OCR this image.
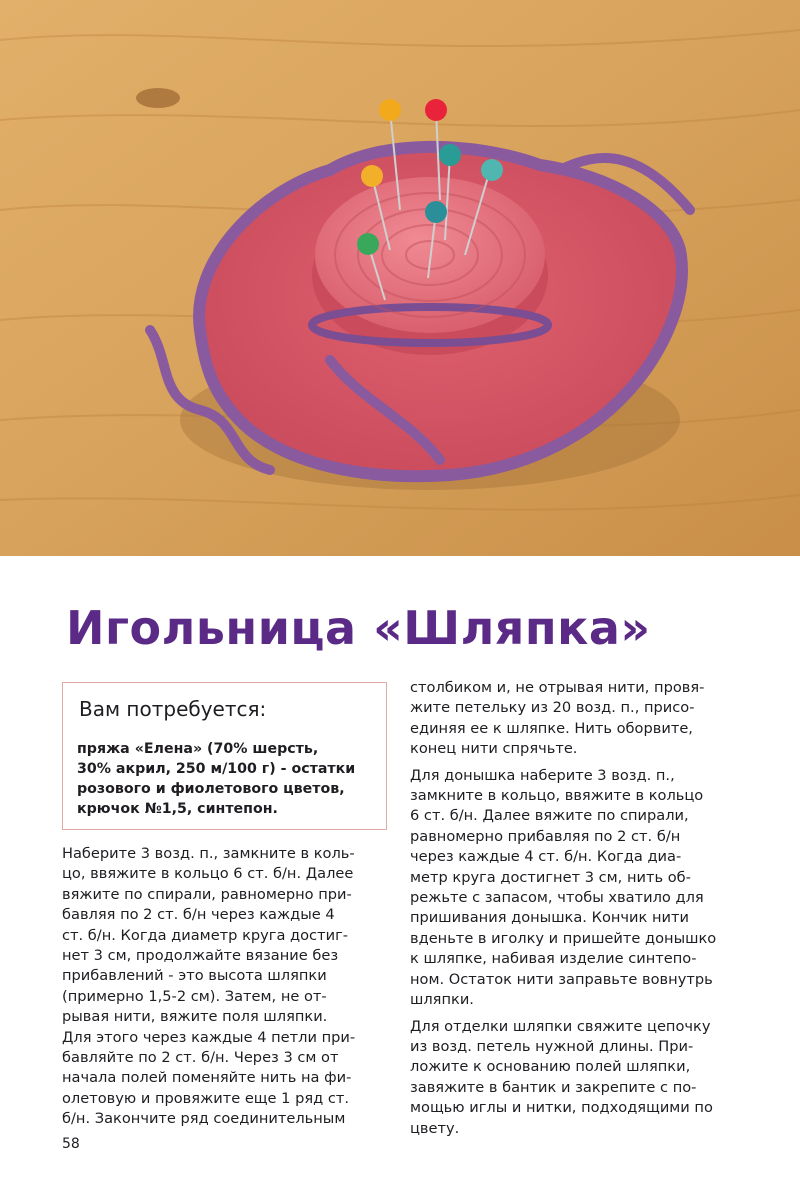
Игольница «Шляпка»
Вам потребуется:

пряжа «Елена» (70% шерсть,
30% акрил, 250 м/100 г) - остатки
розового и фиолетового цветов,
крючок №1,5, синтепон.

Наберите 3 возд. п., замкните в коль-
цо, ввяжите в кольцо 6 ст. б/н. Далее
вяжите по спирали, равномерно при-
бавляя по 2 ст. б/н через каждые 4
ст. б/н. Когда диаметр круга достиг-
нет 3 см, продолжайте вязание без
прибавлений - это высота шляпки
(примерно 1,5-2 см). Затем, не от-
рывая нити, вяжите поля шляпки.
Для этого через каждые 4 петли при-
бавляйте по 2 ст. б/н. Через 3 см от
начала полей поменяйте нить на фи-
олетовую и провяжите еще 1 ряд ст.
б/н. Закончите ряд соединительным

столбиком и, не отрывая нити, провя-
жите петельку из 20 возд. п., присо-
единяя ее к шляпке. Нить оборвите,
конец нити спрячьте.

Для донышка наберите 3 возд. п.,
замкните в кольцо, ввяжите в кольцо
6 ст. б/н. Далее вяжите по спирали,
равномерно прибавляя по 2 ст. б/н
через каждые 4 ст. б/н. Когда диа-
метр круга достигнет 3 см, нить об-
режьте с запасом, чтобы хватило для
пришивания донышка. Кончик нити
вденьте в иголку и пришейте донышко
к шляпке, набивая изделие синтепо-
ном. Остаток нити заправьте вовнутрь
шляпки.

Для отделки шляпки свяжите цепочку
из возд. петель нужной длины. При-
ложите к основанию полей шляпки,
завяжите в бантик и закрепите с по-
мощью иглы и нитки, подходящими по
цвету.

58
